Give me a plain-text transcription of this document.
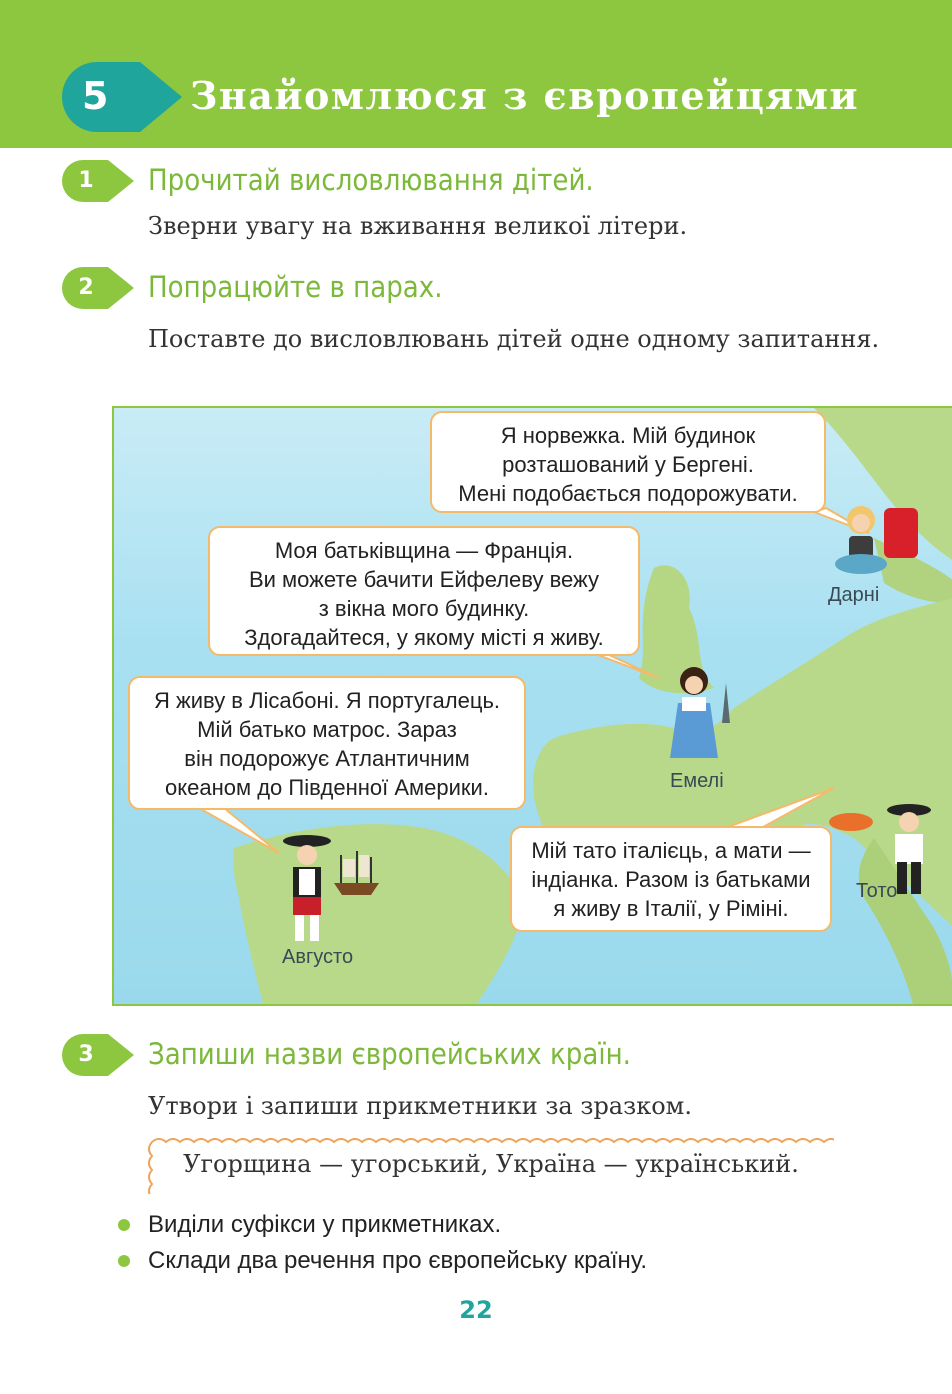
5 Знайомлюся з європейцями
1 Прочитай висловлювання дітей.
Зверни увагу на вживання великої літери.
2 Попрацюйте в парах.
Поставте до висловлювань дітей одне одному запитання.
Я норвежка. Мій будинок
розташований у Бергені.
Мені подобається подорожувати.
Моя батьківщина — Франція.
Ви можете бачити Ейфелеву вежу
з вікна мого будинку.
Здогадайтеся, у якому місті я живу.
Я живу в Лісабоні. Я португалець.
Мій батько матрос. Зараз
він подорожує Атлантичним
океаном до Південної Америки.
Мій тато італієць, а мати —
індіанка. Разом із батьками
я живу в Італії, у Ріміні.
Дарні
Емелі
Августо
Тото
3 Запиши назви європейських країн.
Утвори і запиши прикметники за зразком.
Угорщина — угорський, Україна — український.
Виділи суфікси у прикметниках.
Склади два речення про європейську країну.
22
